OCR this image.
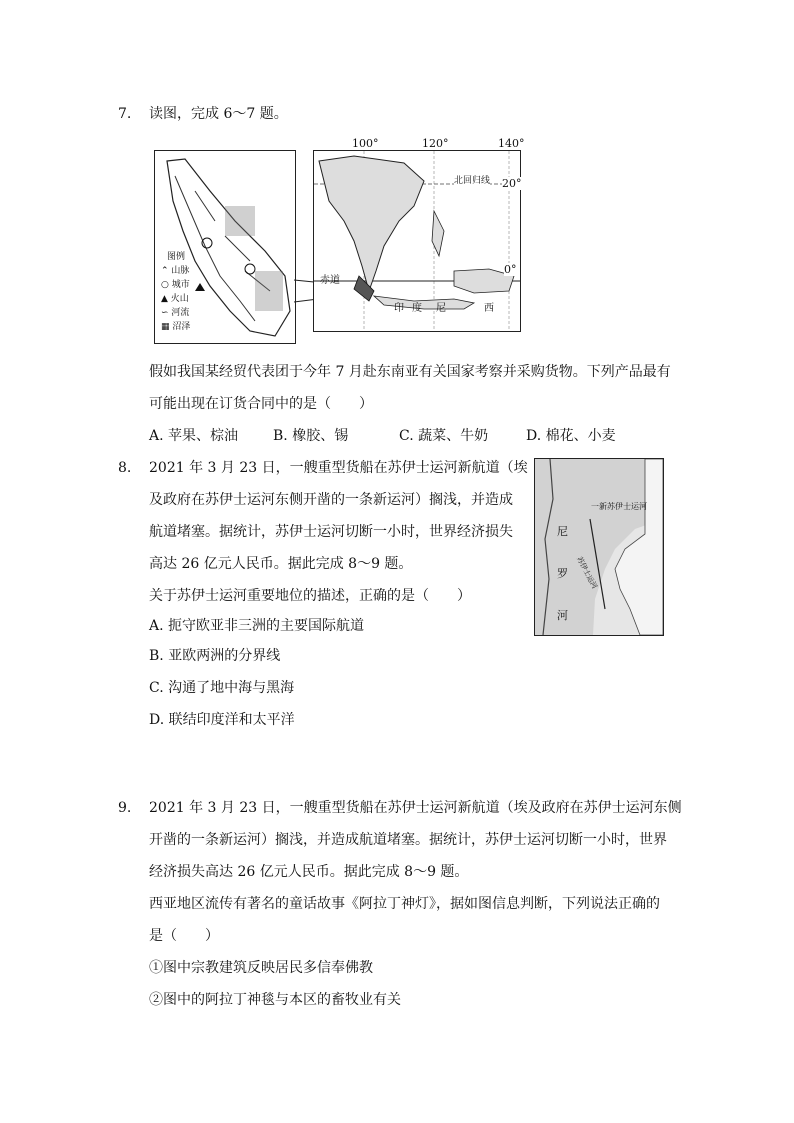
7. 读图，完成 6～7 题。
图例
⌃ 山脉
○ 城市
▲ 火山
∽ 河流
▦ 沼泽
100°	120°	140°
北回归线 20°
赤道
0°
印 度 尼	西
假如我国某经贸代表团于今年 7 月赴东南亚有关国家考察并采购货物。下列产品最有
可能出现在订货合同中的是（　　）
A. 苹果、棕油 B. 橡胶、锡	C. 蔬菜、牛奶	D. 棉花、小麦
8. 2021 年 3 月 23 日，一艘重型货船在苏伊士运河新航道（埃
及政府在苏伊士运河东侧开凿的一条新运河）搁浅，并造成
航道堵塞。据统计，苏伊士运河切断一小时，世界经济损失
高达 26 亿元人民币。据此完成 8～9 题。
关于苏伊士运河重要地位的描述，正确的是（　　）
A. 扼守欧亚非三洲的主要国际航道
B. 亚欧两洲的分界线
C. 沟通了地中海与黑海
D. 联结印度洋和太平洋
一新苏伊士运河
尼
罗
河
苏伊士运河
9. 2021 年 3 月 23 日，一艘重型货船在苏伊士运河新航道（埃及政府在苏伊士运河东侧
开凿的一条新运河）搁浅，并造成航道堵塞。据统计，苏伊士运河切断一小时，世界
经济损失高达 26 亿元人民币。据此完成 8～9 题。
西亚地区流传有著名的童话故事《阿拉丁神灯》，据如图信息判断，下列说法正确的
是（　　）
①图中宗教建筑反映居民多信奉佛教
②图中的阿拉丁神毯与本区的畜牧业有关
